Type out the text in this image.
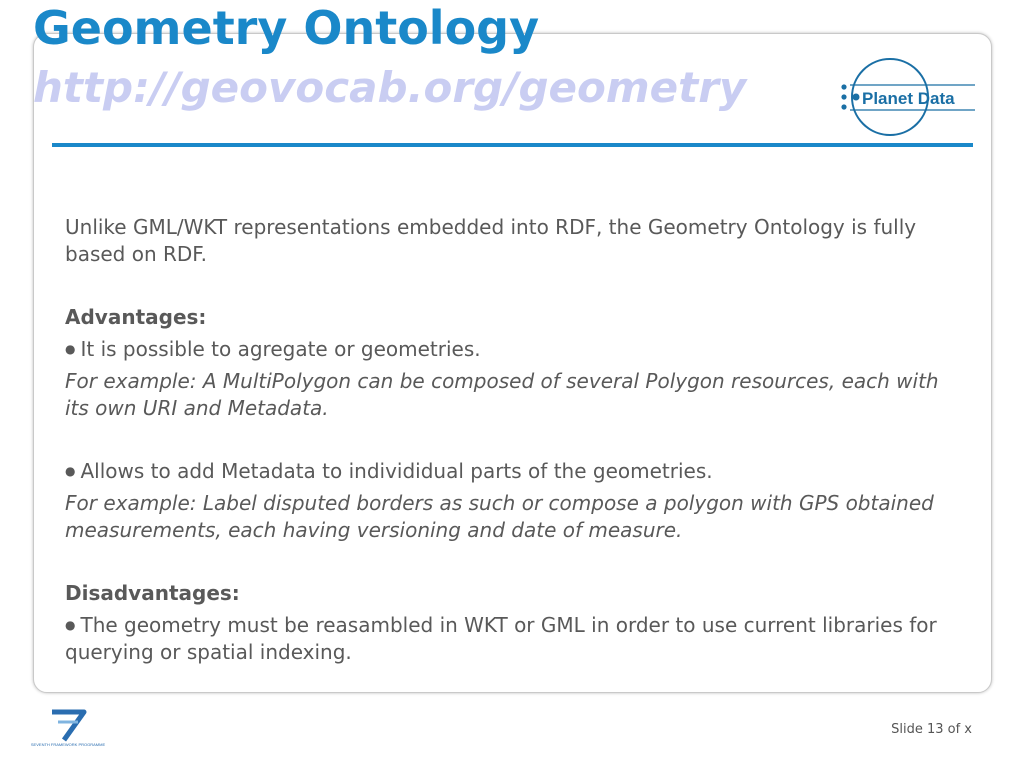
Geometry Ontology
http://geovocab.org/geometry	Planet Data

Unlike GML/WKT representations embedded into RDF, the Geometry Ontology is fully based on RDF.

Advantages:

● It is possible to agregate or geometries.

For example: A MultiPolygon can be composed of several Polygon resources, each with its own URI and Metadata.

● Allows to add Metadata to individidual parts of the geometries.

For example: Label disputed borders as such or compose a polygon with GPS obtained measurements, each having versioning and date of measure.

Disadvantages:

● The geometry must be reasambled in WKT or GML in order to use current libraries for querying or spatial indexing.

SEVENTH FRAMEWORK PROGRAMME
Slide 13 of x
